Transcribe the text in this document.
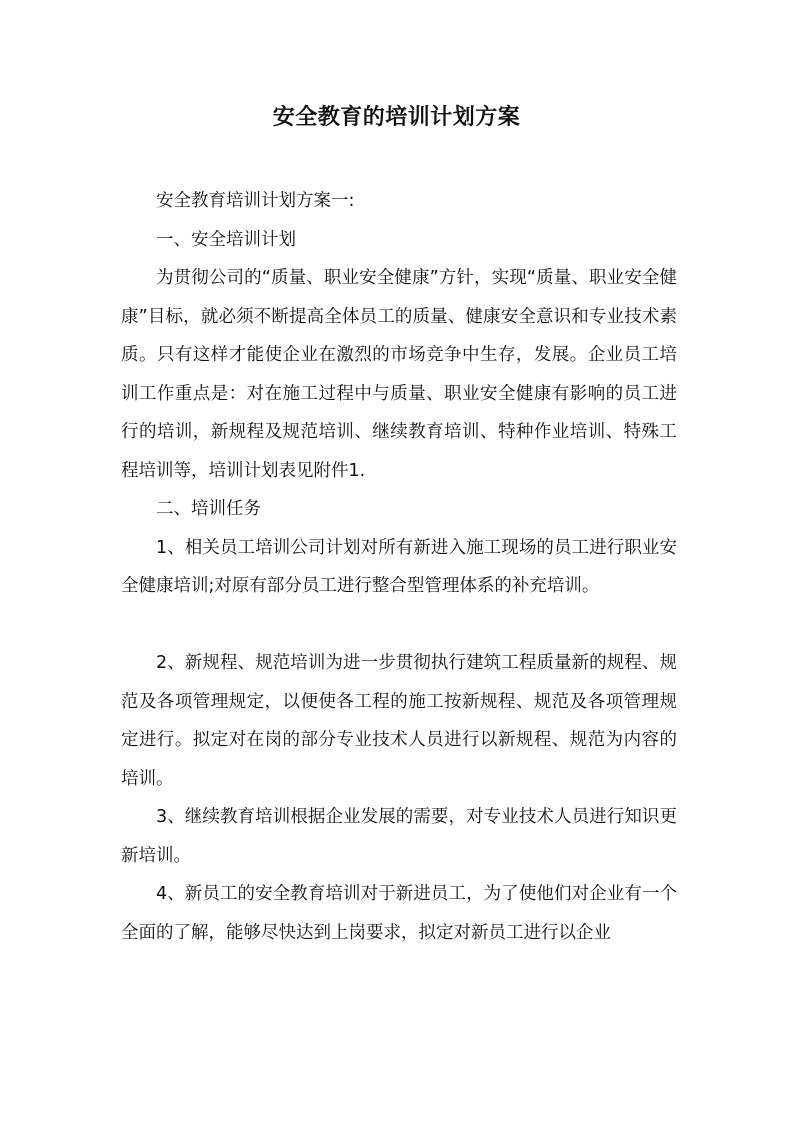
安全教育的培训计划方案

安全教育培训计划方案一:

一、安全培训计划

为贯彻公司的“质量、职业安全健康”方针，实现“质量、职业安全健康”目标，就必须不断提高全体员工的质量、健康安全意识和专业技术素质。只有这样才能使企业在激烈的市场竞争中生存，发展。企业员工培训工作重点是：对在施工过程中与质量、职业安全健康有影响的员工进行的培训，新规程及规范培训、继续教育培训、特种作业培训、特殊工程培训等，培训计划表见附件1.

二、培训任务

1、相关员工培训公司计划对所有新进入施工现场的员工进行职业安全健康培训;对原有部分员工进行整合型管理体系的补充培训。

2、新规程、规范培训为进一步贯彻执行建筑工程质量新的规程、规范及各项管理规定，以便使各工程的施工按新规程、规范及各项管理规定进行。拟定对在岗的部分专业技术人员进行以新规程、规范为内容的培训。

3、继续教育培训根据企业发展的需要，对专业技术人员进行知识更新培训。

4、新员工的安全教育培训对于新进员工，为了使他们对企业有一个全面的了解，能够尽快达到上岗要求，拟定对新员工进行以企业
